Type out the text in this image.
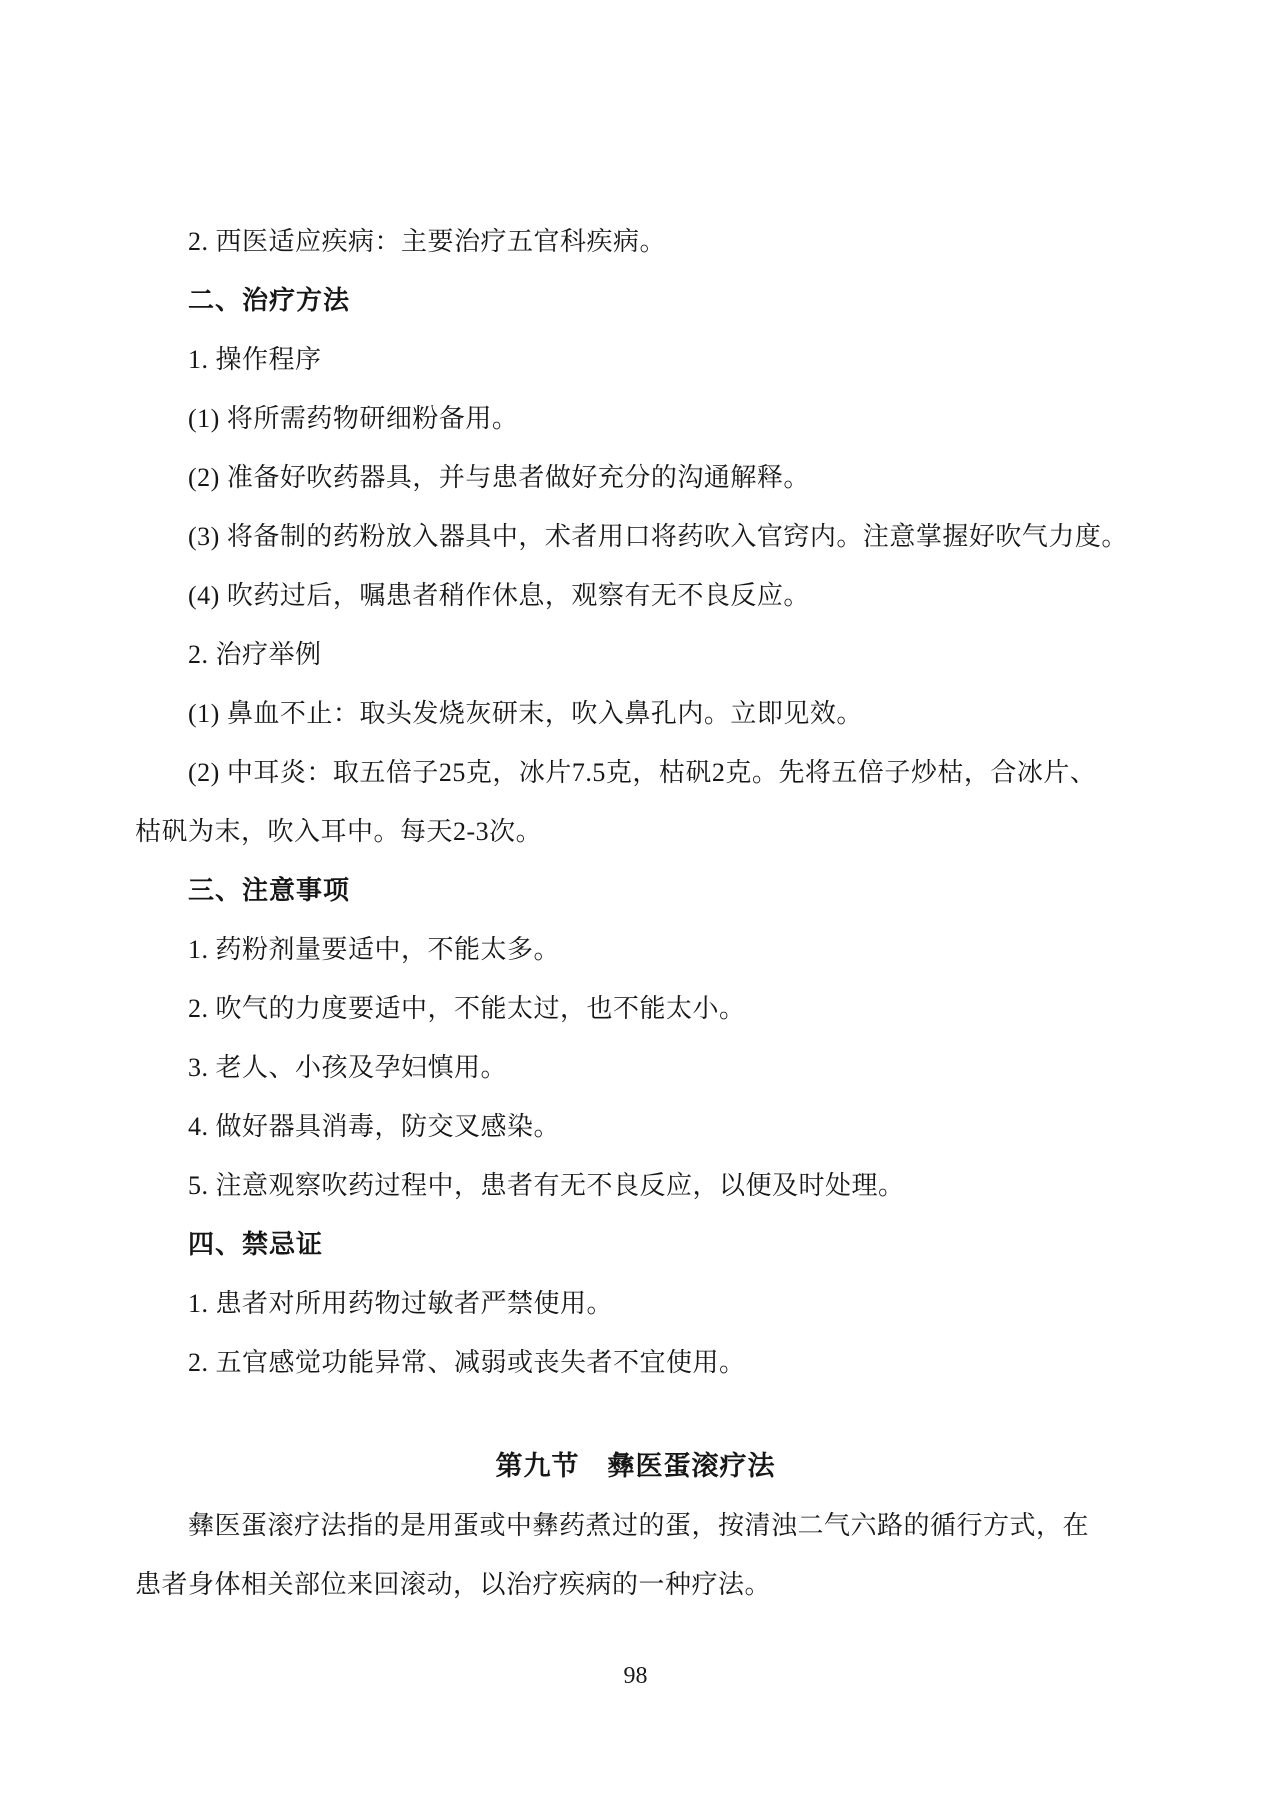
2. 西医适应疾病：主要治疗五官科疾病。

二、治疗方法

1. 操作程序

(1) 将所需药物研细粉备用。

(2) 准备好吹药器具，并与患者做好充分的沟通解释。

(3) 将备制的药粉放入器具中，术者用口将药吹入官窍内。注意掌握好吹气力度。

(4) 吹药过后，嘱患者稍作休息，观察有无不良反应。

2. 治疗举例

(1) 鼻血不止：取头发烧灰研末，吹入鼻孔内。立即见效。

(2) 中耳炎：取五倍子25克，冰片7.5克，枯矾2克。先将五倍子炒枯，合冰片、

枯矾为末，吹入耳中。每天2-3次。

三、注意事项

1. 药粉剂量要适中，不能太多。

2. 吹气的力度要适中，不能太过，也不能太小。

3. 老人、小孩及孕妇慎用。

4. 做好器具消毒，防交叉感染。

5. 注意观察吹药过程中，患者有无不良反应，以便及时处理。

四、禁忌证

1. 患者对所用药物过敏者严禁使用。

2. 五官感觉功能异常、减弱或丧失者不宜使用。

第九节　彝医蛋滚疗法

彝医蛋滚疗法指的是用蛋或中彝药煮过的蛋，按清浊二气六路的循行方式，在

患者身体相关部位来回滚动，以治疗疾病的一种疗法。

98
